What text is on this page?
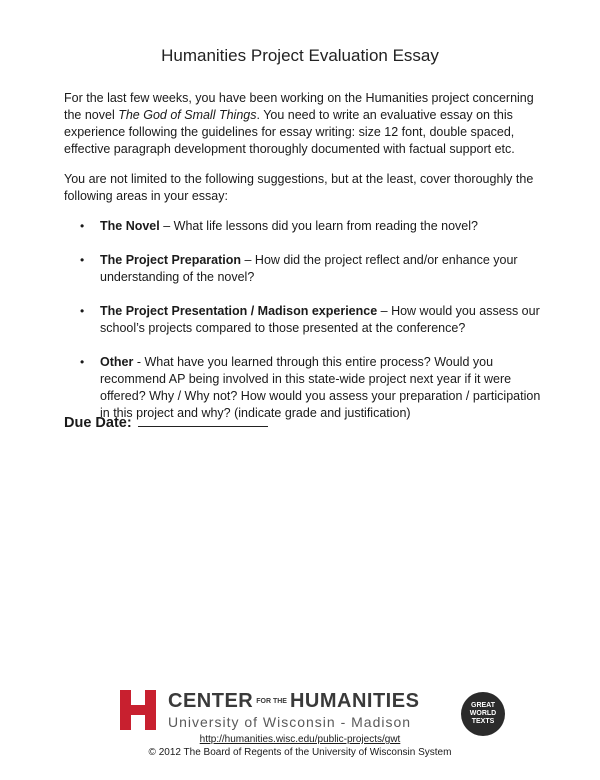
Humanities Project Evaluation Essay

For the last few weeks, you have been working on the Humanities project concerning the novel The God of Small Things. You need to write an evaluative essay on this experience following the guidelines for essay writing: size 12 font, double spaced, effective paragraph development thoroughly documented with factual support etc.

You are not limited to the following suggestions, but at the least, cover thoroughly the following areas in your essay:

• The Novel – What life lessons did you learn from reading the novel?
• The Project Preparation – How did the project reflect and/or enhance your understanding of the novel?
• The Project Presentation / Madison experience – How would you assess our school’s projects compared to those presented at the conference?
• Other - What have you learned through this entire process? Would you recommend AP being involved in this state-wide project next year if it were offered? Why / Why not? How would you assess your preparation / participation in this project and why? (indicate grade and justification)
Due Date:
CENTER FOR THE HUMANITIES
University of Wisconsin - Madison
GREAT WORLD TEXTS
http://humanities.wisc.edu/public-projects/gwt
© 2012 The Board of Regents of the University of Wisconsin System
